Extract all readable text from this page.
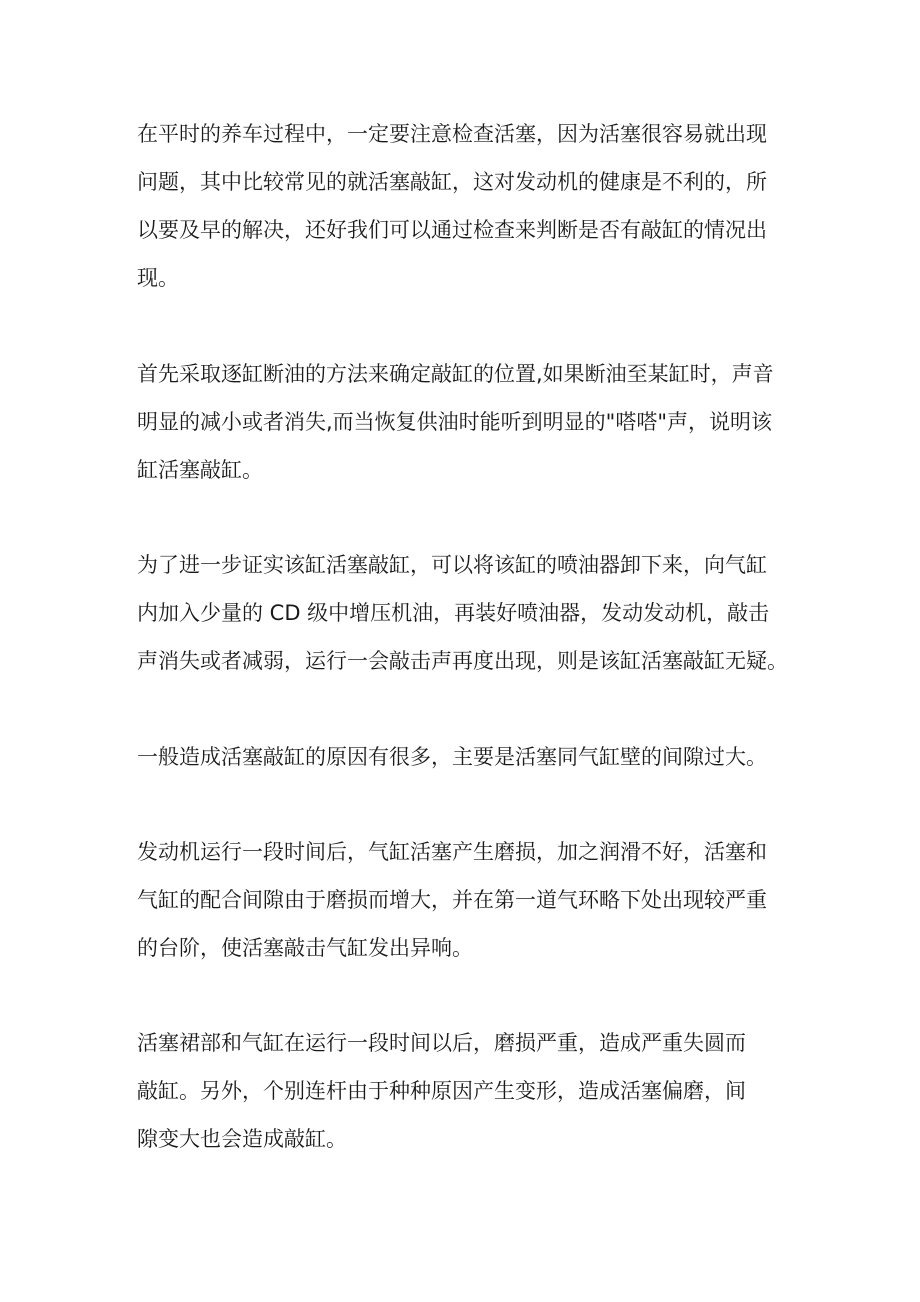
在平时的养车过程中，一定要注意检查活塞，因为活塞很容易就出现
问题，其中比较常见的就活塞敲缸，这对发动机的健康是不利的，所
以要及早的解决，还好我们可以通过检查来判断是否有敲缸的情况出
现。
首先采取逐缸断油的方法来确定敲缸的位置,如果断油至某缸时，声音
明显的减小或者消失,而当恢复供油时能听到明显的"嗒嗒"声，说明该
缸活塞敲缸。
为了进一步证实该缸活塞敲缸，可以将该缸的喷油器卸下来，向气缸
内加入少量的 CD 级中增压机油，再装好喷油器，发动发动机，敲击
声消失或者减弱，运行一会敲击声再度出现，则是该缸活塞敲缸无疑。
一般造成活塞敲缸的原因有很多，主要是活塞同气缸壁的间隙过大。
发动机运行一段时间后，气缸活塞产生磨损，加之润滑不好，活塞和
气缸的配合间隙由于磨损而增大，并在第一道气环略下处出现较严重
的台阶，使活塞敲击气缸发出异响。
活塞裙部和气缸在运行一段时间以后，磨损严重，造成严重失圆而
敲缸。另外，个别连杆由于种种原因产生变形，造成活塞偏磨，间
隙变大也会造成敲缸。
